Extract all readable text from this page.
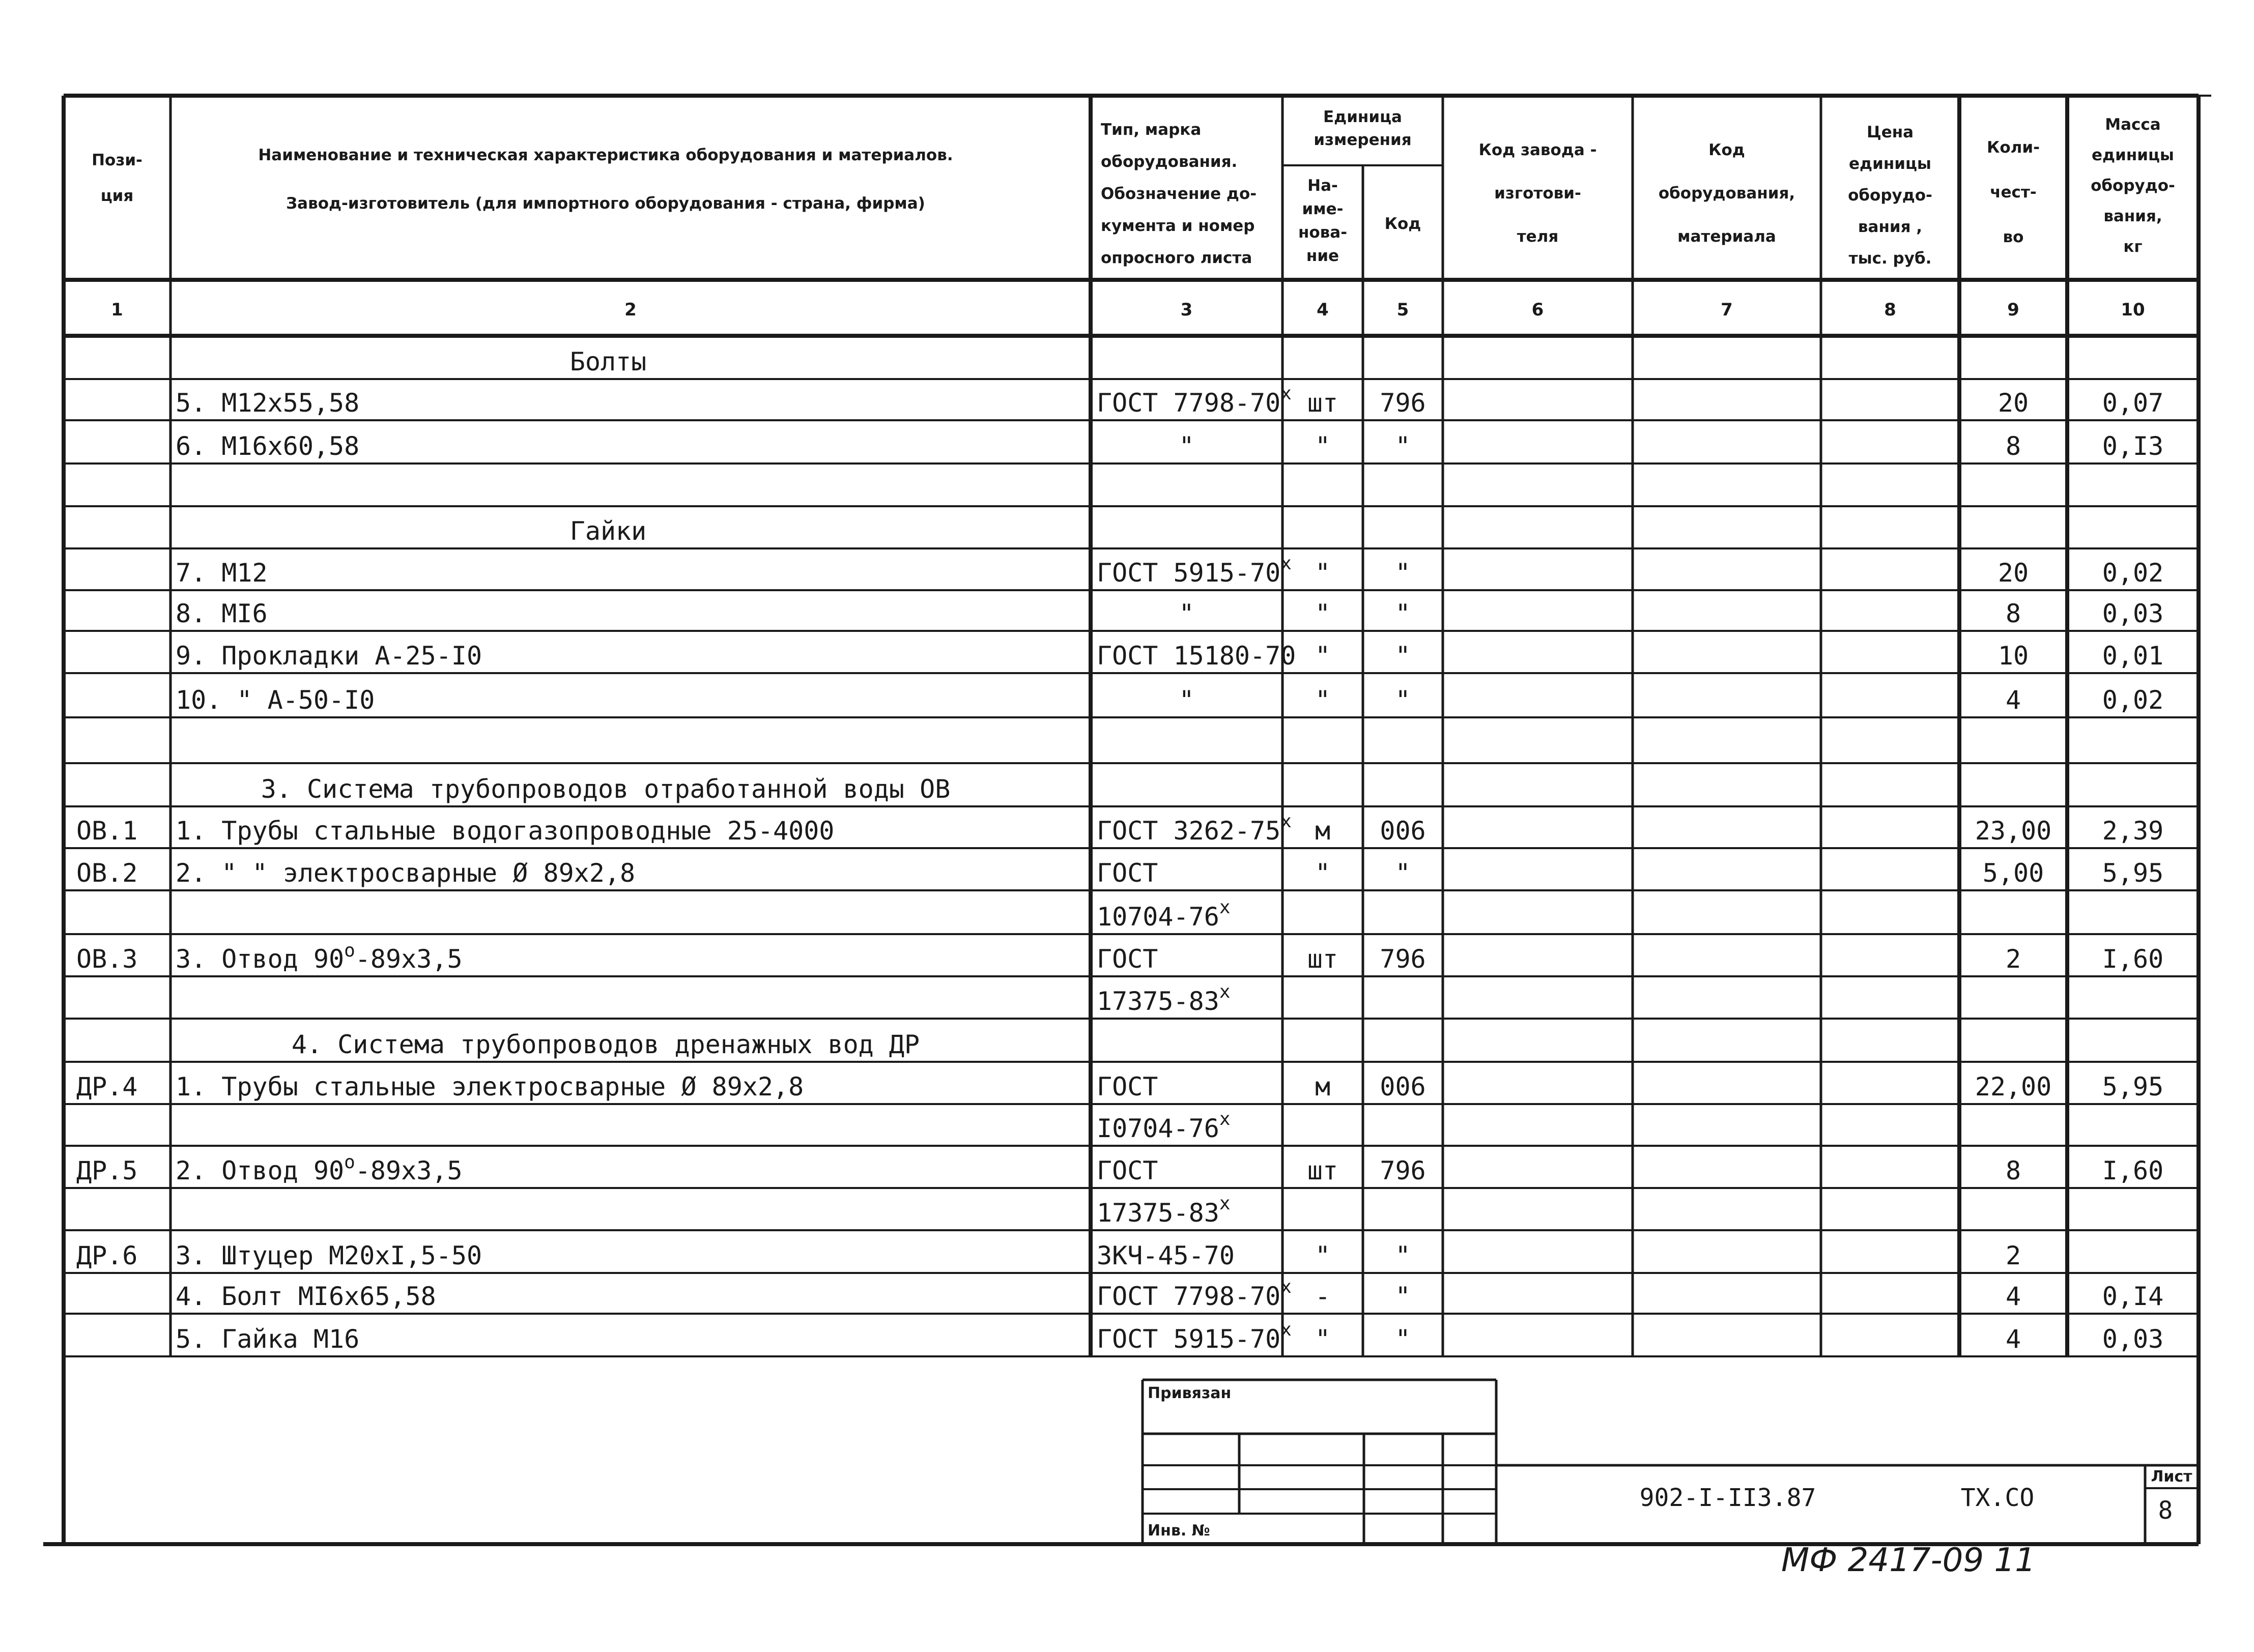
Пози-
ция
Наименование и техническая характеристика оборудования и материалов.
Завод-изготовитель (для импортного оборудования - страна, фирма)
Тип, марка
оборудования.
Обозначение до-
кумента и номер
опросного листа
Единица
измерения
На-
име-
нова-
ние
Код
Код завода -
изготови-
теля
Код
оборудования,
материала
Цена
единицы
оборудо-
вания ,
тыс. руб.
Коли-
чест-
во
Масса
единицы
оборудо-
вания,
кг
1	2	3	4	5	6	7	8	9	10
Болты
5. M12x55,58	ГОСТ 7798-70$^x$ шт 796	20	0,07
6. M16x60,58	"	"	"	8	0,I3
Гайки
7. M12	ГОСТ 5915-70$^x$ "	"	20	0,02
8. MI6	"	"	"	8	0,03
9. Прокладки А-25-I0	ГОСТ 15180-70 "	"	10	0,01
10. " A-50-I0	"	"	"	4	0,02
3. Система трубопроводов отработанной воды ОВ
ОВ.1 1. Трубы стальные водогазопроводные 25-4000	ГОСТ 3262-75$^x$ м 006	23,00 2,39
ОВ.2 2. " " электросварные Ø 89х2,8	ГОСТ	"	"	5,00 5,95
10704-76$^x$
ОВ.3 3. Отвод $90^о-89х3,5$	ГОСТ	шт 796	2	I,60
17375-83$^x$
4. Система трубопроводов дренажных вод ДР
ДР.4 1. Трубы стальные электросварные Ø 89х2,8	ГОСТ	м 006	22,00 5,95
I0704-76$^x$
ДР.5 2. Отвод $90^о-89х3,5$	ГОСТ	шт 796	8	I,60
17375-83$^x$
ДР.6 3. Штуцер M20xI,5-50	3КЧ-45-70	"	"	2
4. Болт MI6x65,58	ГОСТ 7798-70$^x$ -	"	4	0,I4
5. Гайка M16	ГОСТ 5915-70$^x$ "	"	4	0,03
Привязан
Инв. №
902-I-II3.87	ТХ.СО
Лист
8
МФ 2417-09 11
